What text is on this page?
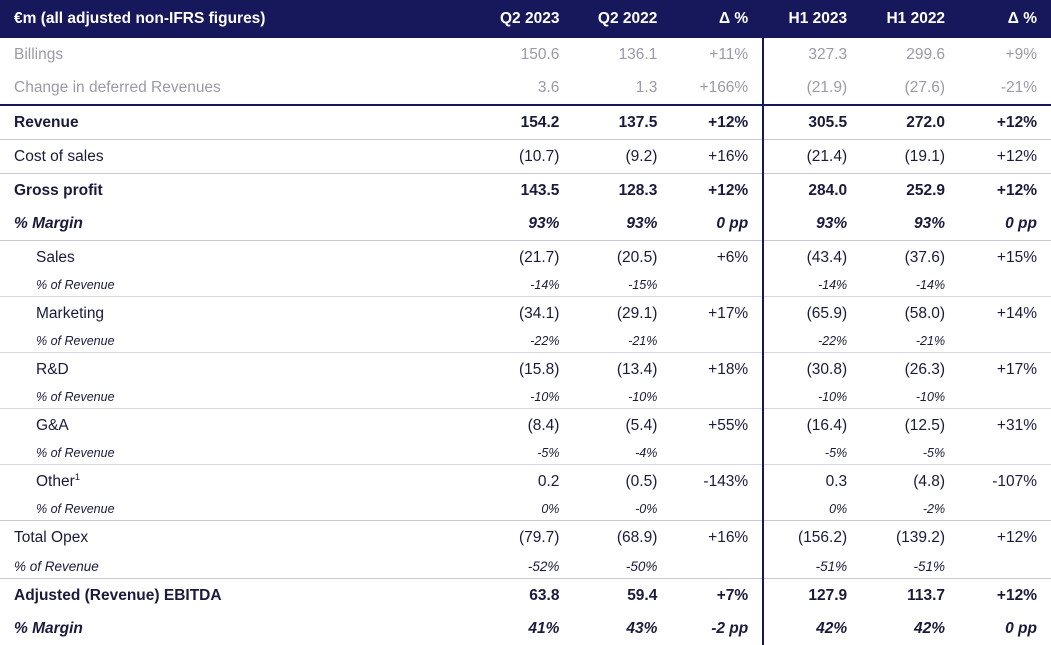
€m (all adjusted non-IFRS figures)	Q2 2023	Q2 2022	Δ %	H1 2023	H1 2022	Δ %
Billings	150.6	136.1	+11%	327.3	299.6	+9%
Change in deferred Revenues	3.6	1.3	+166%	(21.9)	(27.6)	-21%
Revenue	154.2	137.5	+12%	305.5	272.0	+12%
Cost of sales	(10.7)	(9.2)	+16%	(21.4)	(19.1)	+12%
Gross profit	143.5	128.3	+12%	284.0	252.9	+12%
% Margin	93%	93%	0 pp	93%	93%	0 pp
Sales	(21.7)	(20.5)	+6%	(43.4)	(37.6)	+15%
% of Revenue	-14%	-15%		-14%	-14%	
Marketing	(34.1)	(29.1)	+17%	(65.9)	(58.0)	+14%
% of Revenue	-22%	-21%		-22%	-21%	
R&D	(15.8)	(13.4)	+18%	(30.8)	(26.3)	+17%
% of Revenue	-10%	-10%		-10%	-10%	
G&A	(8.4)	(5.4)	+55%	(16.4)	(12.5)	+31%
% of Revenue	-5%	-4%		-5%	-5%	
Other$^1$	0.2	(0.5)	-143%	0.3	(4.8)	-107%
% of Revenue	0%	-0%		0%	-2%	
Total Opex	(79.7)	(68.9)	+16%	(156.2)	(139.2)	+12%
% of Revenue	-52%	-50%		-51%	-51%	
Adjusted (Revenue) EBITDA	63.8	59.4	+7%	127.9	113.7	+12%
% Margin	41%	43%	-2 pp	42%	42%	0 pp
